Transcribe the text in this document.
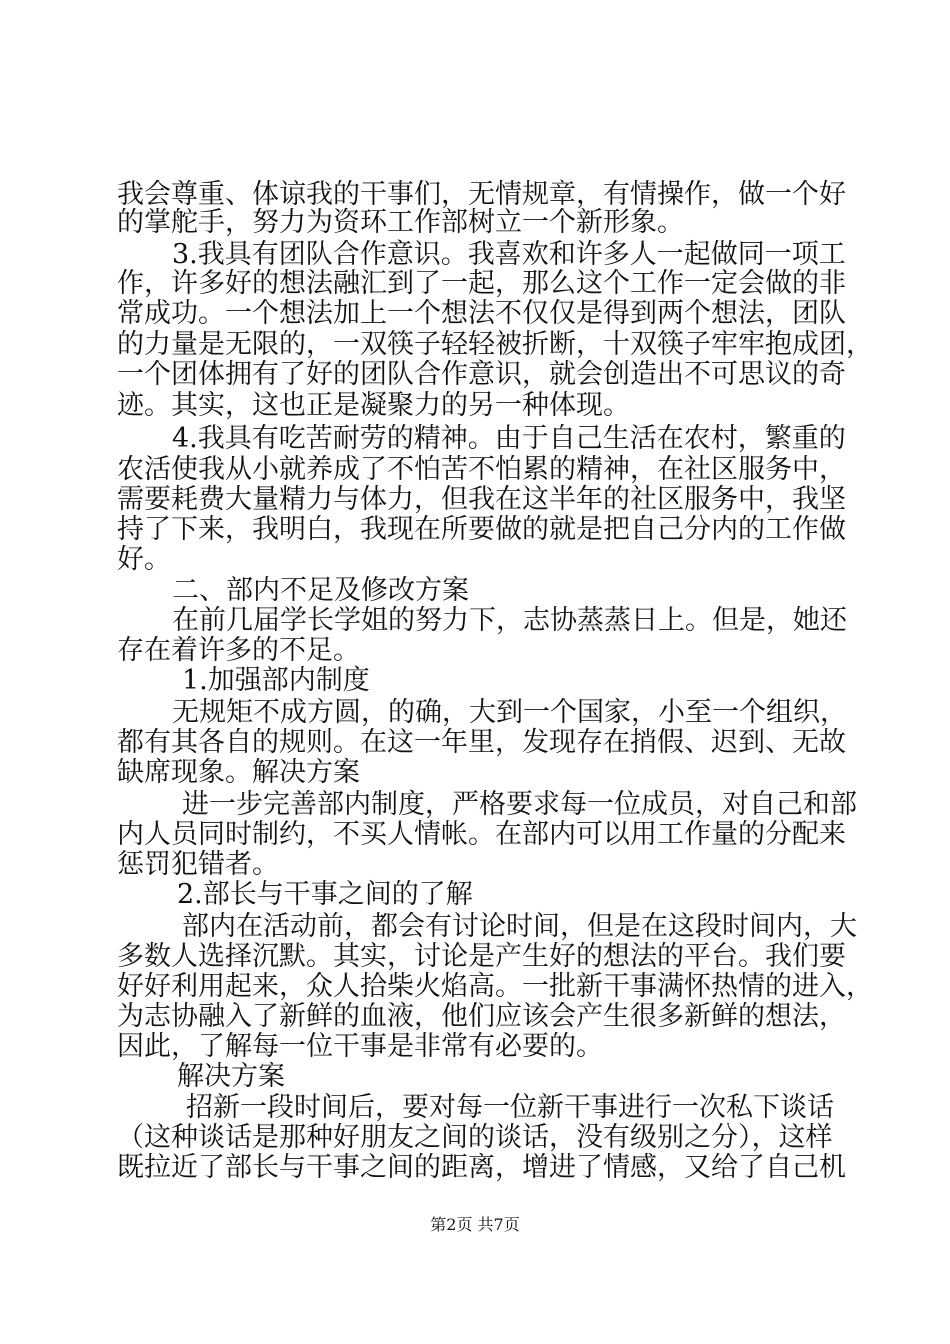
我会尊重、体谅我的干事们，无情规章，有情操作，做一个好
的掌舵手，努力为资环工作部树立一个新形象。
3.我具有团队合作意识。我喜欢和许多人一起做同一项工
作，许多好的想法融汇到了一起，那么这个工作一定会做的非
常成功。一个想法加上一个想法不仅仅是得到两个想法，团队
的力量是无限的，一双筷子轻轻被折断，十双筷子牢牢抱成团，
一个团体拥有了好的团队合作意识，就会创造出不可思议的奇
迹。其实，这也正是凝聚力的另一种体现。
4.我具有吃苦耐劳的精神。由于自己生活在农村，繁重的
农活使我从小就养成了不怕苦不怕累的精神，在社区服务中，
需要耗费大量精力与体力，但我在这半年的社区服务中，我坚
持了下来，我明白，我现在所要做的就是把自己分内的工作做
好。
二、部内不足及修改方案
在前几届学长学姐的努力下，志协蒸蒸日上。但是，她还
存在着许多的不足。
1.加强部内制度
无规矩不成方圆，的确，大到一个国家，小至一个组织，
都有其各自的规则。在这一年里，发现存在捎假、迟到、无故
缺席现象。解决方案
进一步完善部内制度，严格要求每一位成员，对自己和部
内人员同时制约，不买人情帐。在部内可以用工作量的分配来
惩罚犯错者。
2.部长与干事之间的了解
部内在活动前，都会有讨论时间，但是在这段时间内，大
多数人选择沉默。其实，讨论是产生好的想法的平台。我们要
好好利用起来，众人拾柴火焰高。一批新干事满怀热情的进入，
为志协融入了新鲜的血液，他们应该会产生很多新鲜的想法，
因此，了解每一位干事是非常有必要的。
解决方案
招新一段时间后，要对每一位新干事进行一次私下谈话
（这种谈话是那种好朋友之间的谈话，没有级别之分），这样
既拉近了部长与干事之间的距离，增进了情感，又给了自己机
第2页 共7页
